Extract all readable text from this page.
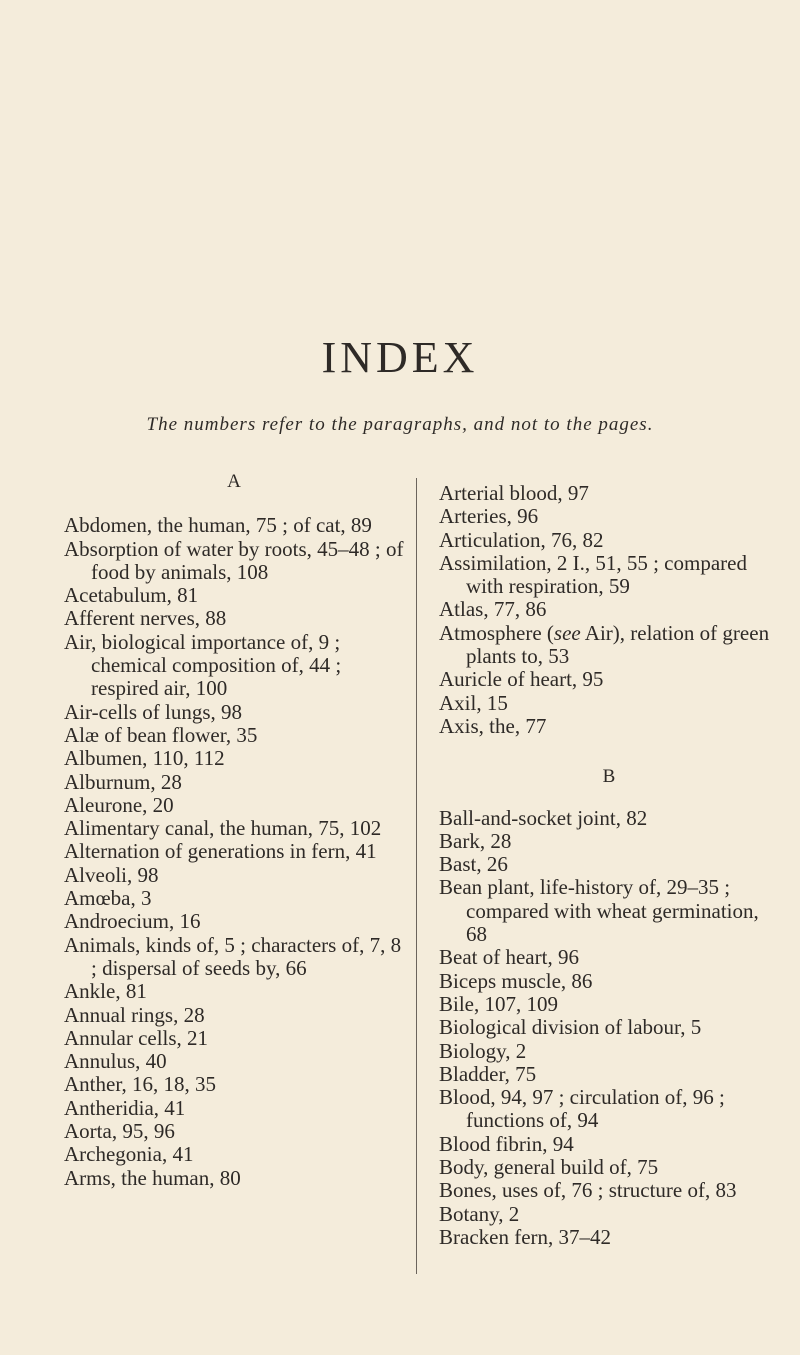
INDEX

The numbers refer to the paragraphs, and not to the pages.

A

Abdomen, the human, 75 ; of cat, 89

Absorption of water by roots, 45–48 ; of food by animals, 108

Acetabulum, 81

Afferent nerves, 88

Air, biological importance of, 9 ; chemical composition of, 44 ; respired air, 100

Air-cells of lungs, 98

Alæ of bean flower, 35

Albumen, 110, 112

Alburnum, 28

Aleurone, 20

Alimentary canal, the human, 75, 102

Alternation of generations in fern, 41

Alveoli, 98

Amœba, 3

Androecium, 16

Animals, kinds of, 5 ; characters of, 7, 8 ; dispersal of seeds by, 66

Ankle, 81

Annual rings, 28

Annular cells, 21

Annulus, 40

Anther, 16, 18, 35

Antheridia, 41

Aorta, 95, 96

Archegonia, 41

Arms, the human, 80

Arterial blood, 97

Arteries, 96

Articulation, 76, 82

Assimilation, 2 I., 51, 55 ; compared with respiration, 59

Atlas, 77, 86

Atmosphere (see Air), relation of green plants to, 53

Auricle of heart, 95

Axil, 15

Axis, the, 77

B

Ball-and-socket joint, 82

Bark, 28

Bast, 26

Bean plant, life-history of, 29–35 ; compared with wheat germination, 68

Beat of heart, 96

Biceps muscle, 86

Bile, 107, 109

Biological division of labour, 5

Biology, 2

Bladder, 75

Blood, 94, 97 ; circulation of, 96 ; functions of, 94

Blood fibrin, 94

Body, general build of, 75

Bones, uses of, 76 ; structure of, 83

Botany, 2

Bracken fern, 37–42
